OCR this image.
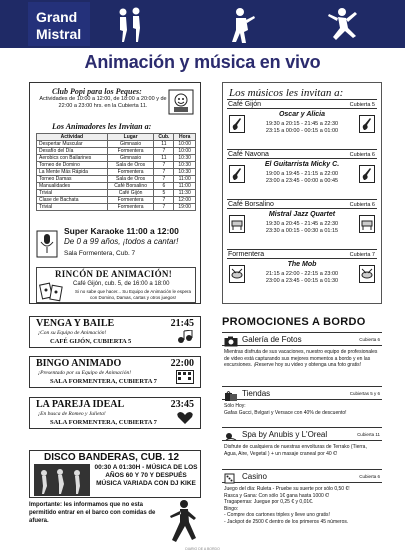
Grand
Mistral
Animación y música en vivo
Club Popi para los Peques:
Actividades de 10:00 a 12:00, de 18:00 a 20:00 y de 22:00 a 23:00 hrs. en la Cubierta 11.
Los Animadores les Invitan a:
Actividad	Lugar	Cub.	Hora
Despertar Muscular	Gimnasio	11	10:00
Desafío del Día	Formentera	7	10:00
Aerobics con Bailarines	Gimnasio	11	10:30
Torneo de Domino	Sala de Oros	7	10:30
La Mente Más Rápida	Formentera	7	10:30
Torneo Damas	Sala de Oros	7	11:00
Manualidades	Café Borsalino	6	11:00
Trivial	Café Gijón	5	11:30
Clase de Bachata	Formentera	7	12:00
Trivial	Formentera	7	19:00
Super Karaoke 11:00 a 12:00
De 0 a 99 años, ¡todos a cantar!
Sala Formentera, Cub. 7
RINCÓN DE ANIMACIÓN!
Café Gijón, cub. 5, de 16:00 a 18:00
Si no sabe que hacer... Su Equipo de Animación le espera con Domino, Damas, cartas y otros juegos!
Los músicos les invitan a:
Café Gijón	Cubierta 5
Oscar y Alicia
19:30 a 20:15 - 21:45 a 22:30
23:15 a 00:00 - 00:15 a 01:00
Café Navona	Cubierta 6
El Guitarrista Micky C.
19:00 a 19:45 - 21:15 a 22:00
23:00 a 23:45 - 00:00 a 00:45
Café Borsalino	Cubierta 6
Mistral Jazz Quartet
19:30 a 20:45 - 21:45 a 22:30
23:30 a 00:15 - 00:30 a 01:15
Formentera	Cubierta 7
The Mob
21:15 a 22:00 - 22:15 a 23:00
23:00 a 23:45 - 00:15 a 01:30
VENGA Y BAILE	21:45
¡Con su Equipo de Animación!
CAFÉ GIJÓN, CUBIERTA 5
BINGO ANIMADO	22:00
¡Presentado por su Equipo de Animación!
SALA FORMENTERA, CUBIERTA 7
LA PAREJA IDEAL	23:45
¡En busca de Romeo y Julieta!
SALA FORMENTERA, CUBIERTA 7
DISCO BANDERAS, CUB. 12
00:30 A 01:30H - MÚSICA DE LOS AÑOS 60 Y 70 Y DESPUÉS MÚSICA VARIADA CON DJ KIKE
Importante: les informamos que no esta permitido entrar en el barco con comidas de afuera.
PROMOCIONES A BORDO
Galería de Fotos	Cubierta 6
Mientras disfruta de sus vacaciones, nuestro equipo de profesionales de video está capturando sus mejores momentos a bordo y en las excursiones. ¡Reserve hoy su video y obtenga una foto gratis!
Tiendas	Cubiertas 5 y 6
Sólo Hoy:
Gafas Gucci, Bvlgari y Versace con 40% de descuento!
Spa by Anubis y L'Oreal	Cubierta 11
Disfrute de cualquiera de nuestras envolturas de Terrako (Tierra, Agua, Aire, Vegetal ) + un masaje craneal por 40 €!
Casino	Cubierta 6
Juego del día: Ruleta - Pruebe su suerte por sólo 0,50 €!
Rasca y Gana: Con sólo 1€ gana hasta 1000 €!
Tragaperras: Juegue por 0,25 € y 0,01€.
Bingo:
- Compre dos cartones triples y lleve uno gratis!
- Jackpot de 2500 € dentro de los primeros 45 números.
DIARIO DE A BORDO
